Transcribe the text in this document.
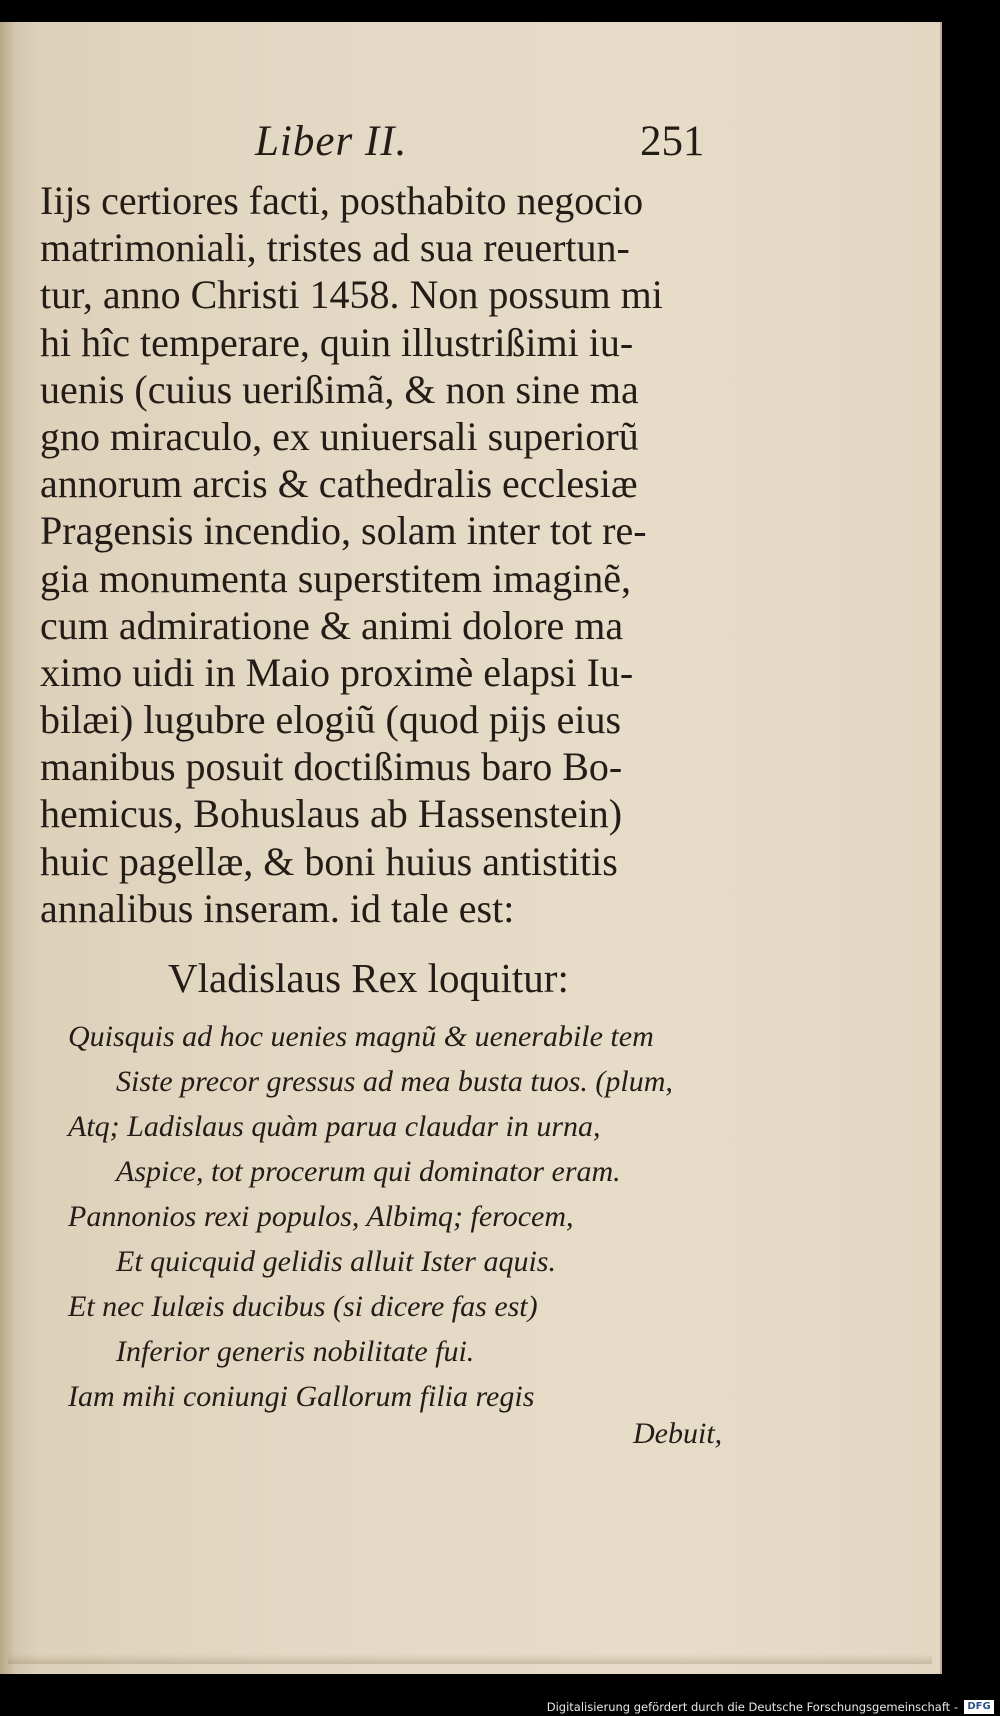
Liber II.	251
Iijs certiores facti, posthabito negocio
matrimoniali, tristes ad sua reuertun-
tur, anno Christi 1458. Non possum mi
hi hîc temperare, quin illustrißimi iu-
uenis (cuius uerißimã, & non sine ma
gno miraculo, ex uniuersali superiorũ
annorum arcis & cathedralis ecclesiæ
Pragensis incendio, solam inter tot re-
gia monumenta superstitem imaginẽ,
cum admiratione & animi dolore ma
ximo uidi in Maio proximè elapsi Iu-
bilæi) lugubre elogiũ (quod pijs eius
manibus posuit doctißimus baro Bo-
hemicus, Bohuslaus ab Hassenstein)
huic pagellæ, & boni huius antistitis
annalibus inseram. id tale est:
Vladislaus Rex loquitur:
Quisquis ad hoc uenies magnũ & uenerabile tem
Siste precor gressus ad mea busta tuos. (plum,
Atq; Ladislaus quàm parua claudar in urna,
Aspice, tot procerum qui dominator eram.
Pannonios rexi populos, Albimq; ferocem,
Et quicquid gelidis alluit Ister aquis.
Et nec Iulæis ducibus (si dicere fas est)
Inferior generis nobilitate fui.
Iam mihi coniungi Gallorum filia regis
Debuit,
Digitalisierung gefördert durch die Deutsche Forschungsgemeinschaft - DFG
